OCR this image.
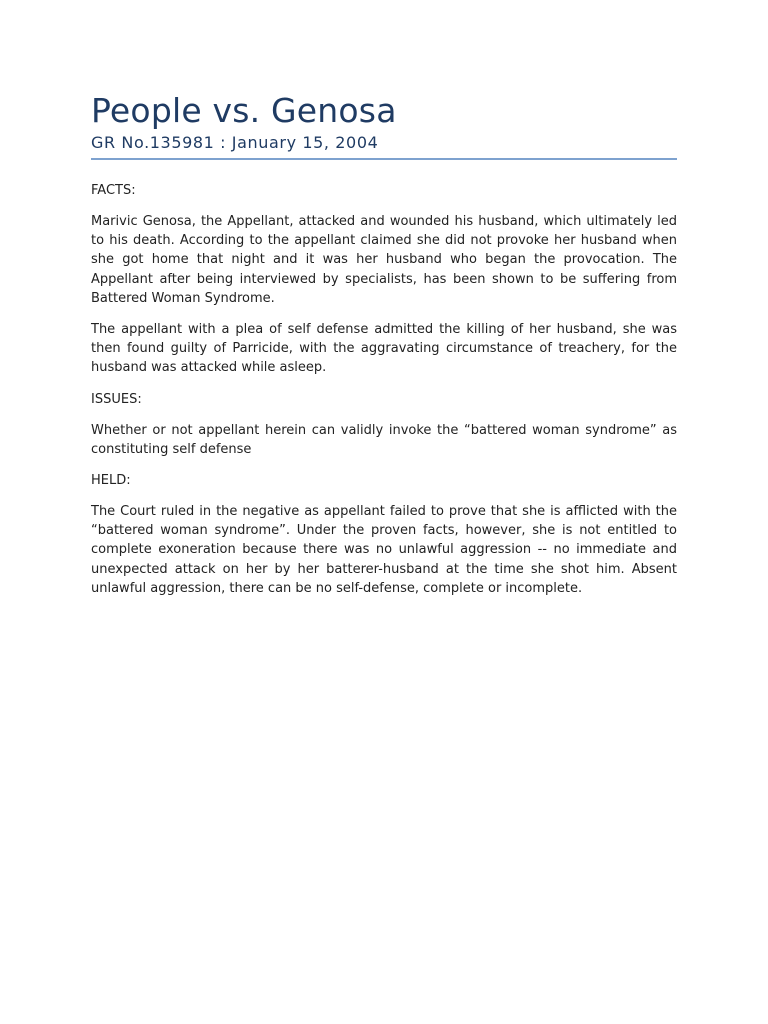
People vs. Genosa
GR No.135981 : January 15, 2004
FACTS:

Marivic Genosa, the Appellant, attacked and wounded his husband, which ultimately led to his death. According to the appellant claimed she did not provoke her husband when she got home that night and it was her husband who began the provocation. The Appellant after being interviewed by specialists, has been shown to be suffering from Battered Woman Syndrome.

The appellant with a plea of self defense admitted the killing of her husband, she was then found guilty of Parricide, with the aggravating circumstance of treachery, for the husband was attacked while asleep.

ISSUES:

Whether or not appellant herein can validly invoke the “battered woman syndrome” as constituting self defense

HELD:

The Court ruled in the negative as appellant failed to prove that she is afflicted with the “battered woman syndrome”. Under the proven facts, however, she is not entitled to complete exoneration because there was no unlawful aggression -- no immediate and unexpected attack on her by her batterer-husband at the time she shot him. Absent unlawful aggression, there can be no self-defense, complete or incomplete.
